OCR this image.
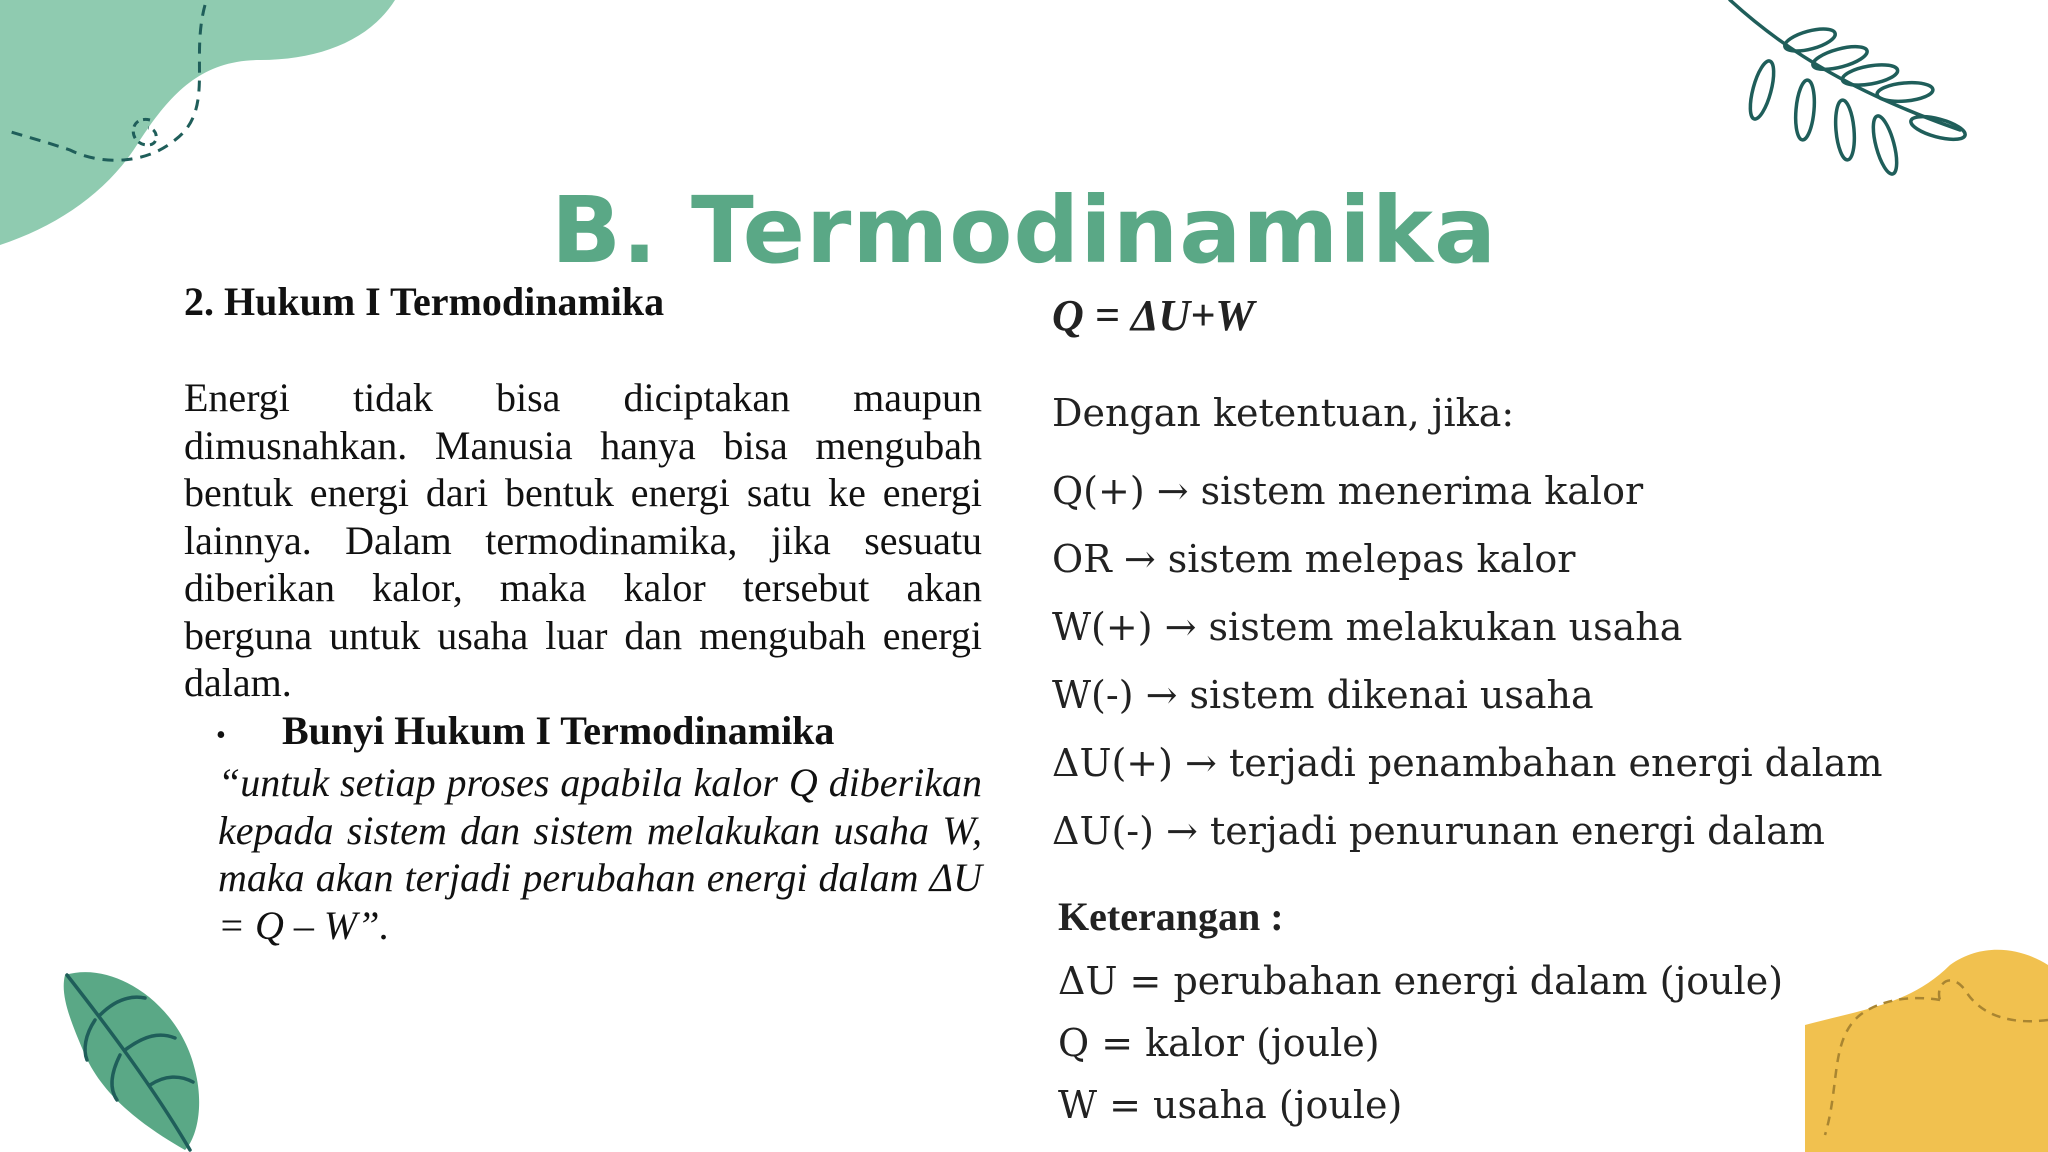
B. Termodinamika
2. Hukum I Termodinamika

Energi tidak bisa diciptakan maupun dimusnahkan. Manusia hanya bisa mengubah bentuk energi dari bentuk energi satu ke energi lainnya. Dalam termodinamika, jika sesuatu diberikan kalor, maka kalor tersebut akan berguna untuk usaha luar dan mengubah energi dalam.

•	Bunyi Hukum I Termodinamika
“untuk setiap proses apabila kalor Q diberikan kepada sistem dan sistem melakukan usaha W, maka akan terjadi perubahan energi dalam ΔU = Q – W”.
Q = ΔU+W
Dengan ketentuan, jika:
Q(+) → sistem menerima kalor
OR → sistem melepas kalor
W(+) → sistem melakukan usaha
W(-) → sistem dikenai usaha
ΔU(+) → terjadi penambahan energi dalam
ΔU(-) → terjadi penurunan energi dalam
Keterangan :
ΔU = perubahan energi dalam (joule)
Q = kalor (joule)
W = usaha (joule)
